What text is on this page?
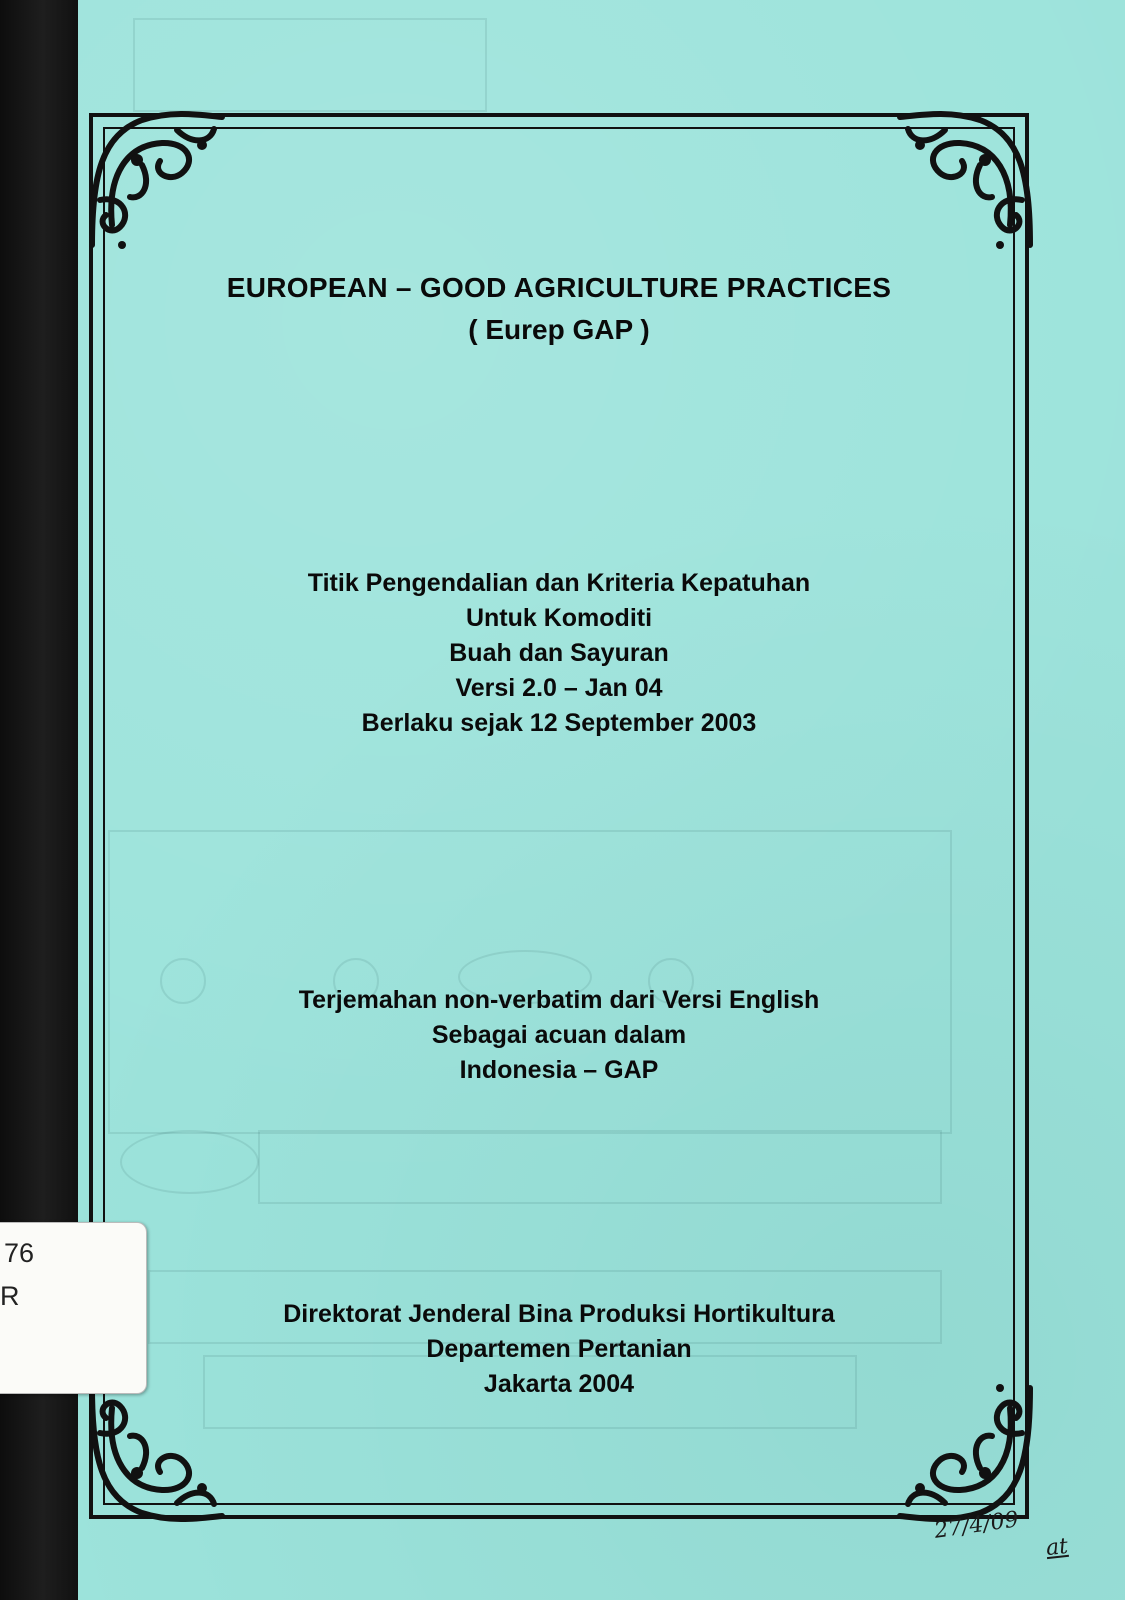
EUROPEAN – GOOD AGRICULTURE PRACTICES
( Eurep GAP )
Titik Pengendalian dan Kriteria Kepatuhan
Untuk Komoditi
Buah dan Sayuran
Versi 2.0 – Jan 04
Berlaku sejak 12 September 2003
Terjemahan non-verbatim dari Versi English
Sebagai acuan dalam
Indonesia – GAP
Direktorat Jenderal Bina Produksi Hortikultura
Departemen Pertanian
Jakarta 2004
76
R
27/4/09
at
